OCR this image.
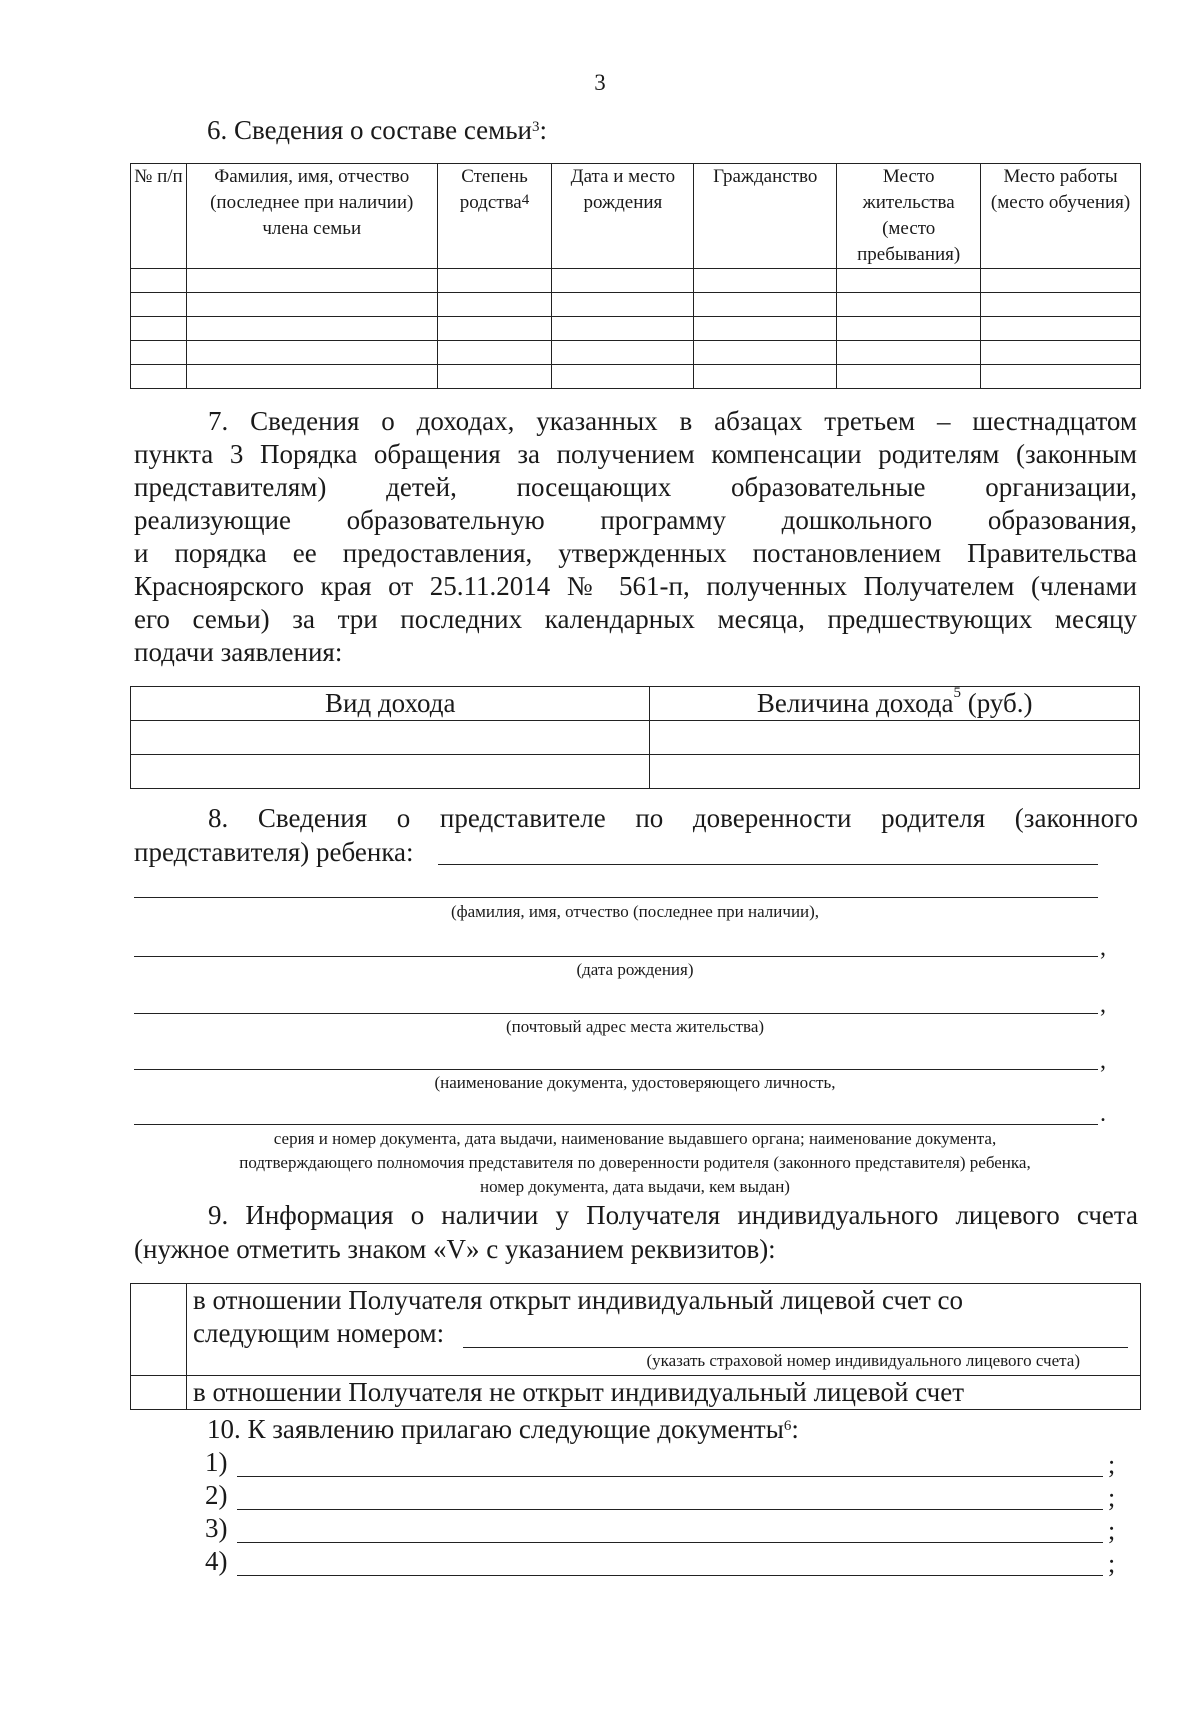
3
6. Сведения о составе семьи$^3$:
№ п/п	Фамилия, имя, отчество (последнее при наличии) члена семьи	Степень родства$^4$	Дата и место рождения	Гражданство	Место жительства (место пребывания)	Место работы (место обучения)

7. Сведения о доходах, указанных в абзацах третьем – шестнадцатом
пункта 3 Порядка обращения за получением компенсации родителям (законным
представителям) детей, посещающих образовательные организации,
реализующие образовательную программу дошкольного образования,
и порядка ее предоставления, утвержденных постановлением Правительства
Красноярского края от 25.11.2014 № 561-п, полученных Получателем (членами
его семьи) за три последних календарных месяца, предшествующих месяцу
подачи заявления:
Вид дохода	Величина дохода$^5$ (руб.)

8. Сведения о представителе по доверенности родителя (законного
представителя) ребенка:
(фамилия, имя, отчество (последнее при наличии),
,
(дата рождения)
,
(почтовый адрес места жительства)
,
(наименование документа, удостоверяющего личность,
.
серия и номер документа, дата выдачи, наименование выдавшего органа; наименование документа,
подтверждающего полномочия представителя по доверенности родителя (законного представителя) ребенка,
номер документа, дата выдачи, кем выдан)
9. Информация о наличии у Получателя индивидуального лицевого счета
(нужное отметить знаком «V» с указанием реквизитов):

	в отношении Получателя открыт индивидуальный лицевой счет со
следующим номером:
(указать страховой номер индивидуального лицевого счета)

	в отношении Получателя не открыт индивидуальный лицевой счет
10. К заявлению прилагаю следующие документы$^6$:
1)	;
2)	;
3)	;
4)	;
